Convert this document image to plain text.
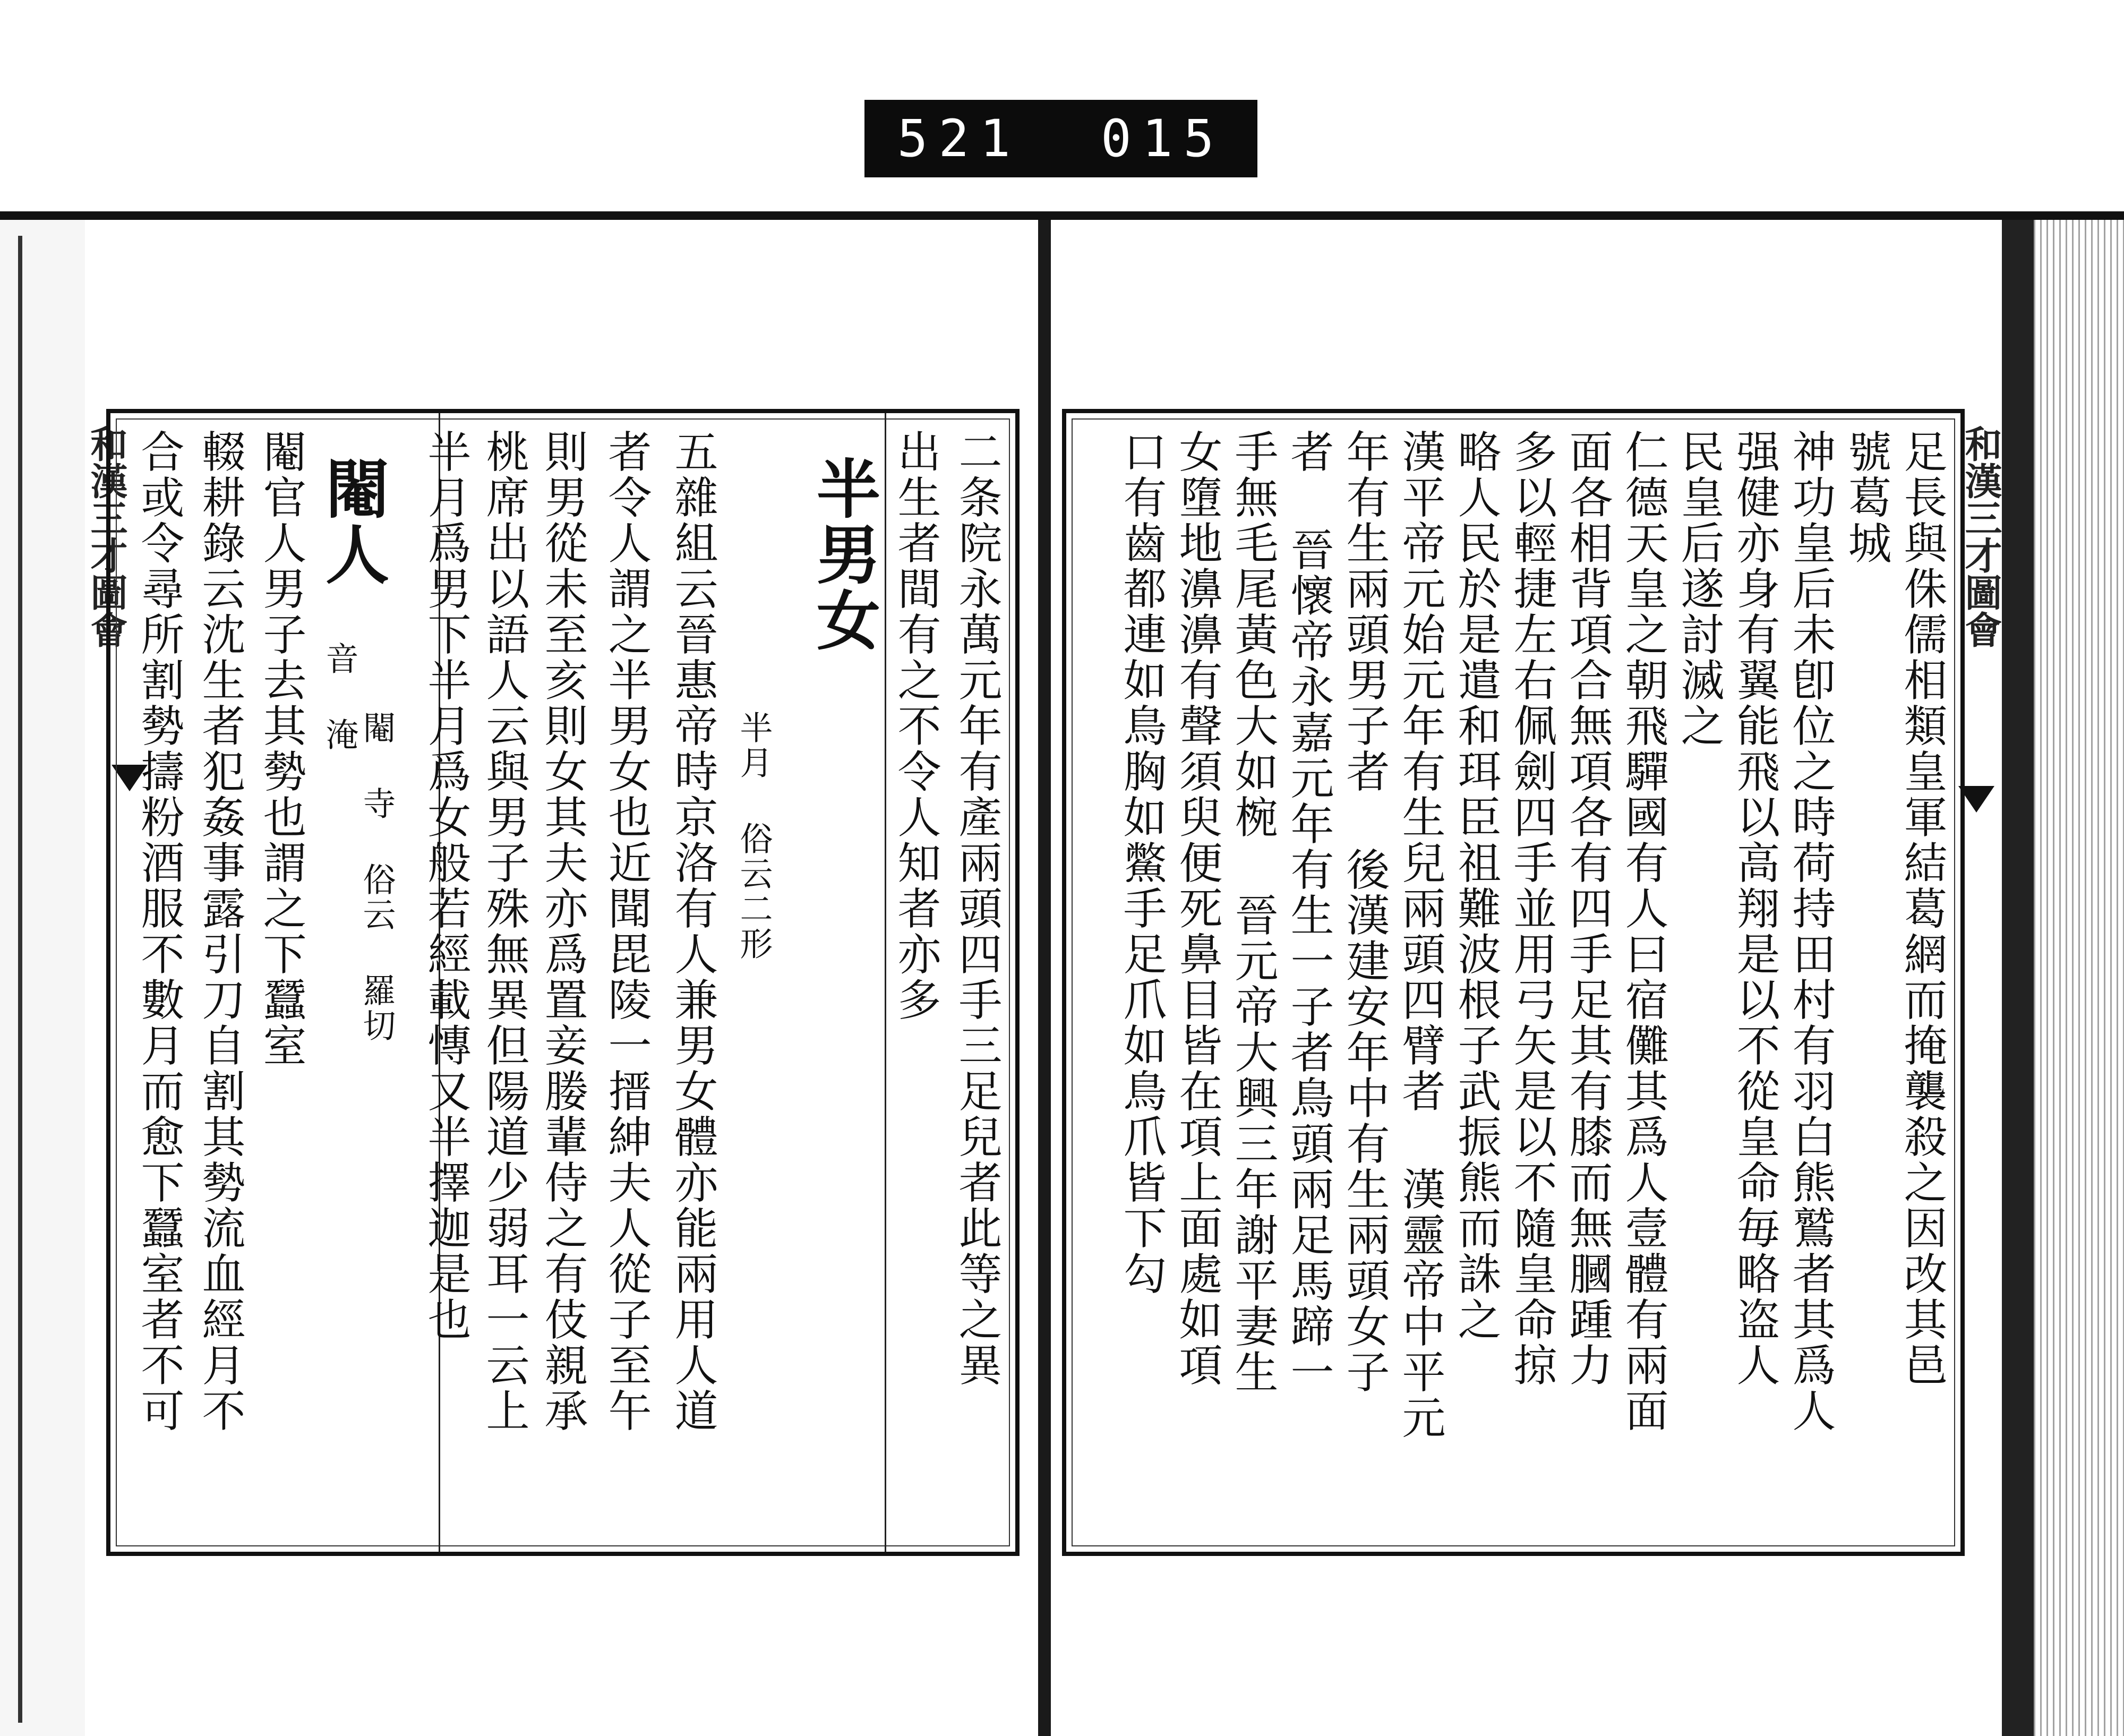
521 015
和漢三才圖會	二条院永萬元年有產兩頭四手三足兒者此等之異
出生者間有之不令人知者亦多
半男女
半月 俗云二形
五雜組云晉惠帝時京洛有人兼男女體亦能兩用人道
者令人謂之半男女也近聞毘陵一搢紳夫人從子至午
則男從未至亥則女其夫亦爲置妾媵輩侍之有伎親承
桃席出以語人云與男子殊無異但陽道少弱耳一云上
半月爲男下半月爲女般若經載慱又半擇迦是也
閹人
音 淹
閹 寺 俗云 羅切
閹官人男子去其勢也謂之下蠶室
輟耕錄云沈生者犯姦事露引刀自割其勢流血經月不
合或令尋所割勢擣粉酒服不數月而愈下蠶室者不可	足長與侏儒相類皇軍結葛網而掩襲殺之因改其邑
號葛城
神功皇后未卽位之時荷持田村有羽白熊鷲者其爲人
强健亦身有翼能飛以高翔是以不從皇命毎略盗人
民皇后遂討滅之
仁德天皇之朝飛驒國有人曰宿儺其爲人壹體有兩面
面各相背項合無項各有四手足其有膝而無膕踵力
多以輕捷左右佩劍四手並用弓矢是以不隨皇命掠
略人民於是遣和珥臣祖難波根子武振熊而誅之
漢平帝元始元年有生兒兩頭四臂者 漢靈帝中平元
年有生兩頭男子者 後漢建安年中有生兩頭女子
者 晉懷帝永嘉元年有生一子者鳥頭兩足馬蹄一
手無毛尾黃色大如椀 晉元帝大興三年謝平妻生
女墮地濞濞有聲須臾便死鼻目皆在項上面處如項
口有齒都連如鳥胸如鱉手足爪如鳥爪皆下勾	和漢三才圖會
